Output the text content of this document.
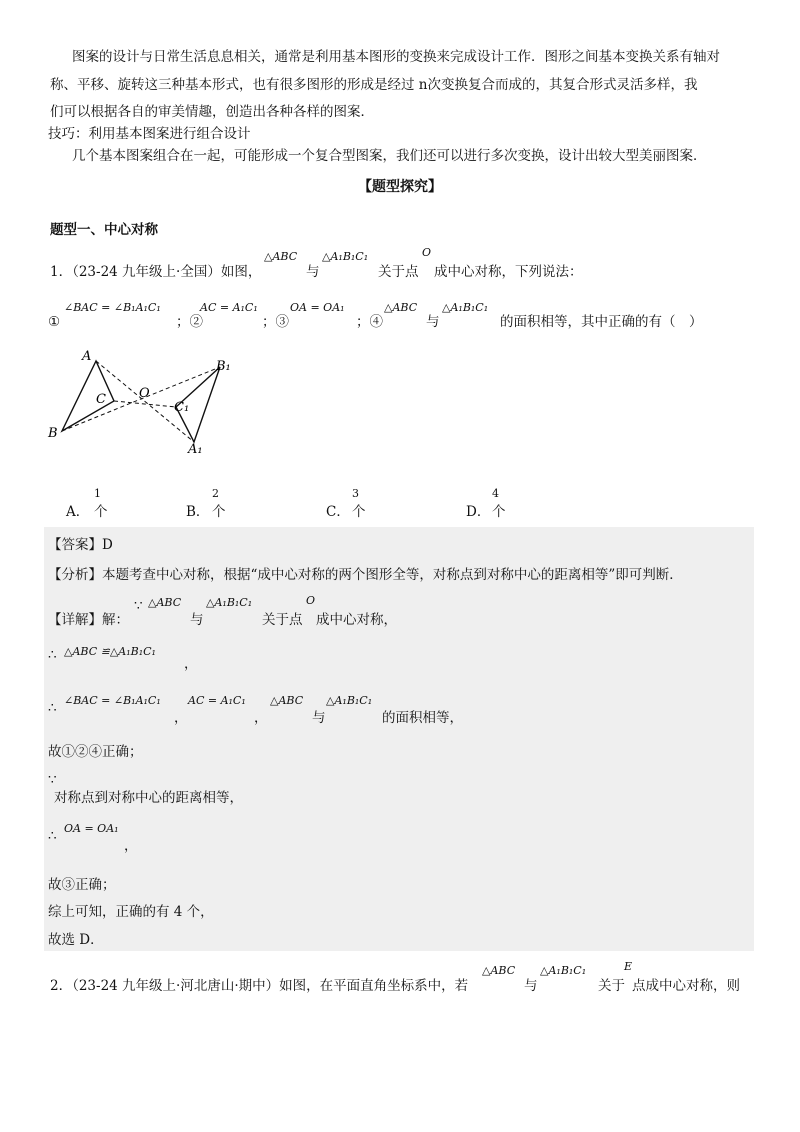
图案的设计与日常生活息息相关，通常是利用基本图形的变换来完成设计工作．图形之间基本变换关系有轴对
称、平移、旋转这三种基本形式，也有很多图形的形成是经过 n次变换复合而成的，其复合形式灵活多样，我
们可以根据各自的审美情趣，创造出各种各样的图案．
技巧：利用基本图案进行组合设计
几个基本图案组合在一起，可能形成一个复合型图案，我们还可以进行多次变换，设计出较大型美丽图案．
【题型探究】
题型一、中心对称
1．（23-24 九年级上·全国）如图，
△ABC
与
△A₁B₁C₁
关于点
O
成中心对称，下列说法：
①
∠BAC = ∠B₁A₁C₁
；②
AC = A₁C₁
；③
OA = OA₁
；④
△ABC
与
△A₁B₁C₁
的面积相等，其中正确的有（　）
A
B
C	O
B₁
C₁
A₁
A．
1
个	B．
2
个	C．
3
个	D．
4
个
【答案】D
【分析】本题考查中心对称，根据“成中心对称的两个图形全等，对称点到对称中心的距离相等”即可判断．
【详解】解：
∵ △ABC
与
△A₁B₁C₁
关于点
O
成中心对称，
∴ △ABC ≌△A₁B₁C₁
，
∴ ∠BAC = ∠B₁A₁C₁
，
AC = A₁C₁
，
△ABC
与
△A₁B₁C₁
的面积相等，
故①②④正确；
∵
对称点到对称中心的距离相等，
∴ OA = OA₁
，
故③正确；
综上可知，正确的有 4 个，
故选 D．
2．（23-24 九年级上·河北唐山·期中）如图，在平面直角坐标系中，若
△ABC
与
△A₁B₁C₁
关于
E
点成中心对称，则
